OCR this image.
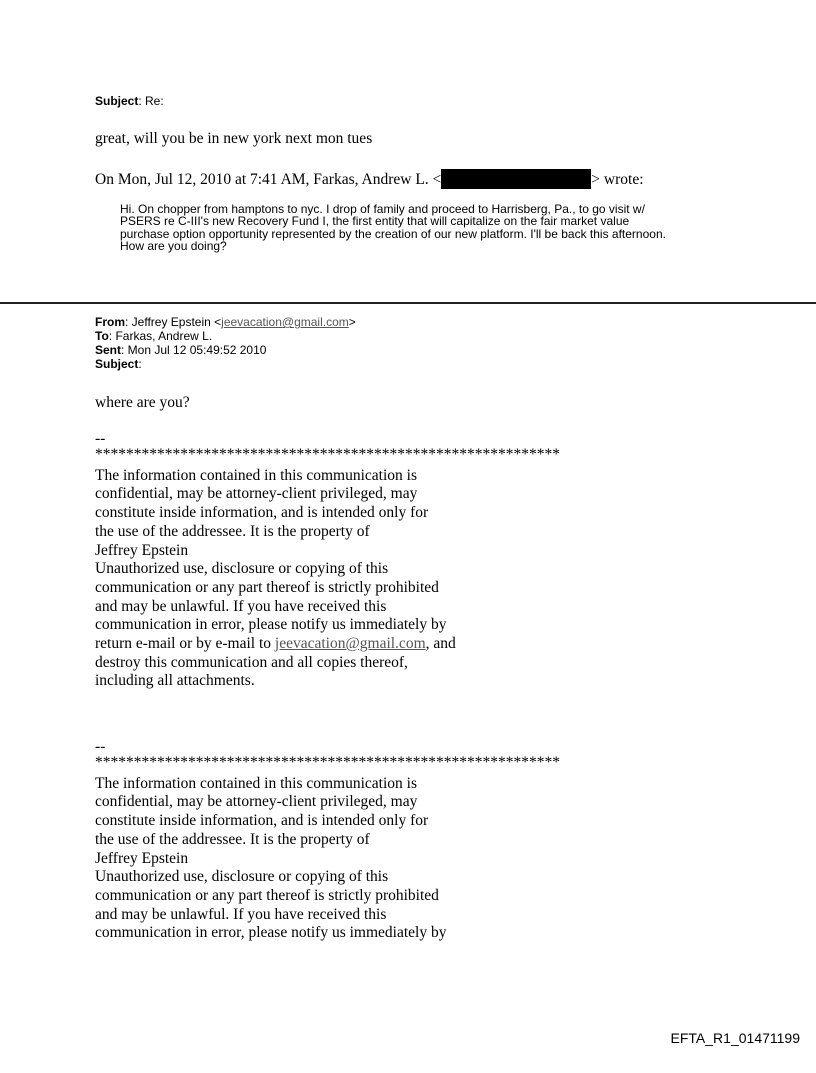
Subject: Re:
great, will you be in new york next mon tues
On Mon, Jul 12, 2010 at 7:41 AM, Farkas, Andrew L. <	> wrote:
Hi. On chopper from hamptons to nyc. I drop of family and proceed to Harrisberg, Pa., to go visit w/
PSERS re C-III's new Recovery Fund I, the first entity that will capitalize on the fair market value
purchase option opportunity represented by the creation of our new platform. I'll be back this afternoon.
How are you doing?
From: Jeffrey Epstein <jeevacation@gmail.com>
To: Farkas, Andrew L.
Sent: Mon Jul 12 05:49:52 2010
Subject:
where are you?
--
************************************************************
The information contained in this communication is
confidential, may be attorney-client privileged, may
constitute inside information, and is intended only for
the use of the addressee. It is the property of
Jeffrey Epstein
Unauthorized use, disclosure or copying of this
communication or any part thereof is strictly prohibited
and may be unlawful. If you have received this
communication in error, please notify us immediately by
return e-mail or by e-mail to jeevacation@gmail.com, and
destroy this communication and all copies thereof,
including all attachments.
--
************************************************************
The information contained in this communication is
confidential, may be attorney-client privileged, may
constitute inside information, and is intended only for
the use of the addressee. It is the property of
Jeffrey Epstein
Unauthorized use, disclosure or copying of this
communication or any part thereof is strictly prohibited
and may be unlawful. If you have received this
communication in error, please notify us immediately by
EFTA_R1_01471199
